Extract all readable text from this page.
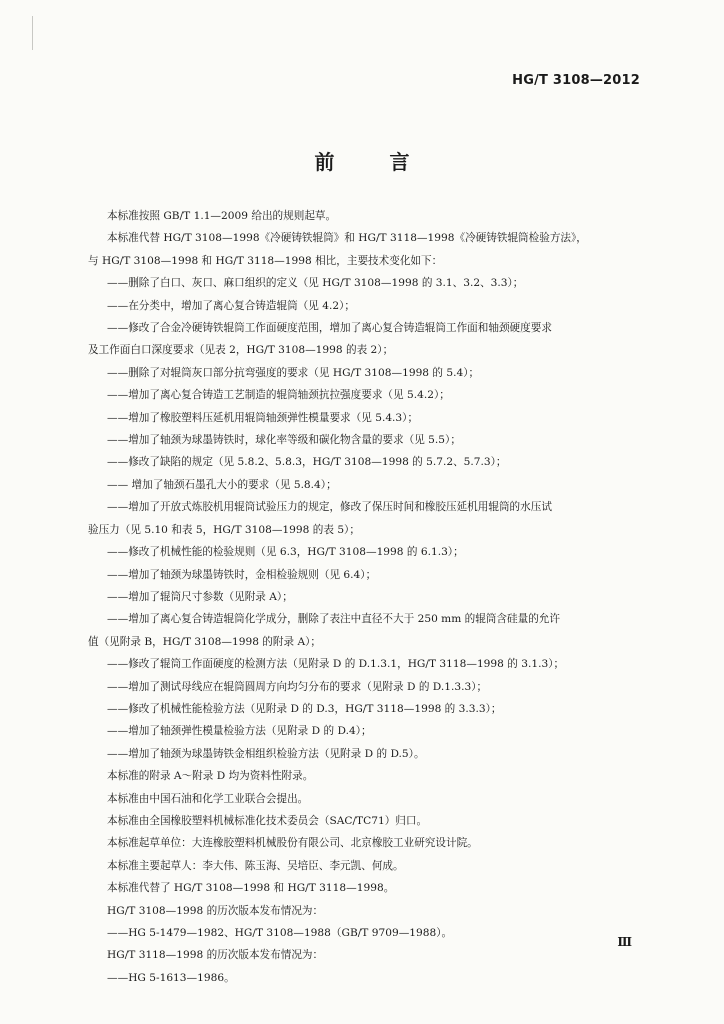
HG/T 3108—2012
前 言

本标准按照 GB/T 1.1—2009 给出的规则起草。

本标准代替 HG/T 3108—1998《冷硬铸铁辊筒》和 HG/T 3118—1998《冷硬铸铁辊筒检验方法》，

与 HG/T 3108—1998 和 HG/T 3118—1998 相比，主要技术变化如下：

——删除了白口、灰口、麻口组织的定义（见 HG/T 3108—1998 的 3.1、3.2、3.3）；

——在分类中，增加了离心复合铸造辊筒（见 4.2）；

——修改了合金冷硬铸铁辊筒工作面硬度范围，增加了离心复合铸造辊筒工作面和轴颈硬度要求

及工作面白口深度要求（见表 2，HG/T 3108—1998 的表 2）；

——删除了对辊筒灰口部分抗弯强度的要求（见 HG/T 3108—1998 的 5.4）；

——增加了离心复合铸造工艺制造的辊筒轴颈抗拉强度要求（见 5.4.2）；

——增加了橡胶塑料压延机用辊筒轴颈弹性模量要求（见 5.4.3）；

——增加了轴颈为球墨铸铁时，球化率等级和碳化物含量的要求（见 5.5）；

——修改了缺陷的规定（见 5.8.2、5.8.3，HG/T 3108—1998 的 5.7.2、5.7.3）；

—— 增加了轴颈石墨孔大小的要求（见 5.8.4）；

——增加了开放式炼胶机用辊筒试验压力的规定，修改了保压时间和橡胶压延机用辊筒的水压试

验压力（见 5.10 和表 5，HG/T 3108—1998 的表 5）；

——修改了机械性能的检验规则（见 6.3，HG/T 3108—1998 的 6.1.3）；

——增加了轴颈为球墨铸铁时，金相检验规则（见 6.4）；

——增加了辊筒尺寸参数（见附录 A）；

——增加了离心复合铸造辊筒化学成分，删除了表注中直径不大于 250 mm 的辊筒含硅量的允许

值（见附录 B，HG/T 3108—1998 的附录 A）；

——修改了辊筒工作面硬度的检测方法（见附录 D 的 D.1.3.1，HG/T 3118—1998 的 3.1.3）；

——增加了测试母线应在辊筒圆周方向均匀分布的要求（见附录 D 的 D.1.3.3）；

——修改了机械性能检验方法（见附录 D 的 D.3，HG/T 3118—1998 的 3.3.3）；

——增加了轴颈弹性模量检验方法（见附录 D 的 D.4）；

——增加了轴颈为球墨铸铁金相组织检验方法（见附录 D 的 D.5）。

本标准的附录 A～附录 D 均为资料性附录。

本标准由中国石油和化学工业联合会提出。

本标准由全国橡胶塑料机械标准化技术委员会（SAC/TC71）归口。

本标准起草单位：大连橡胶塑料机械股份有限公司、北京橡胶工业研究设计院。

本标准主要起草人：李大伟、陈玉海、吴培臣、李元凯、何成。

本标准代替了 HG/T 3108—1998 和 HG/T 3118—1998。

HG/T 3108—1998 的历次版本发布情况为：

——HG 5-1479—1982、HG/T 3108—1988（GB/T 9709—1988）。

HG/T 3118—1998 的历次版本发布情况为：

——HG 5-1613—1986。

Ⅲ
